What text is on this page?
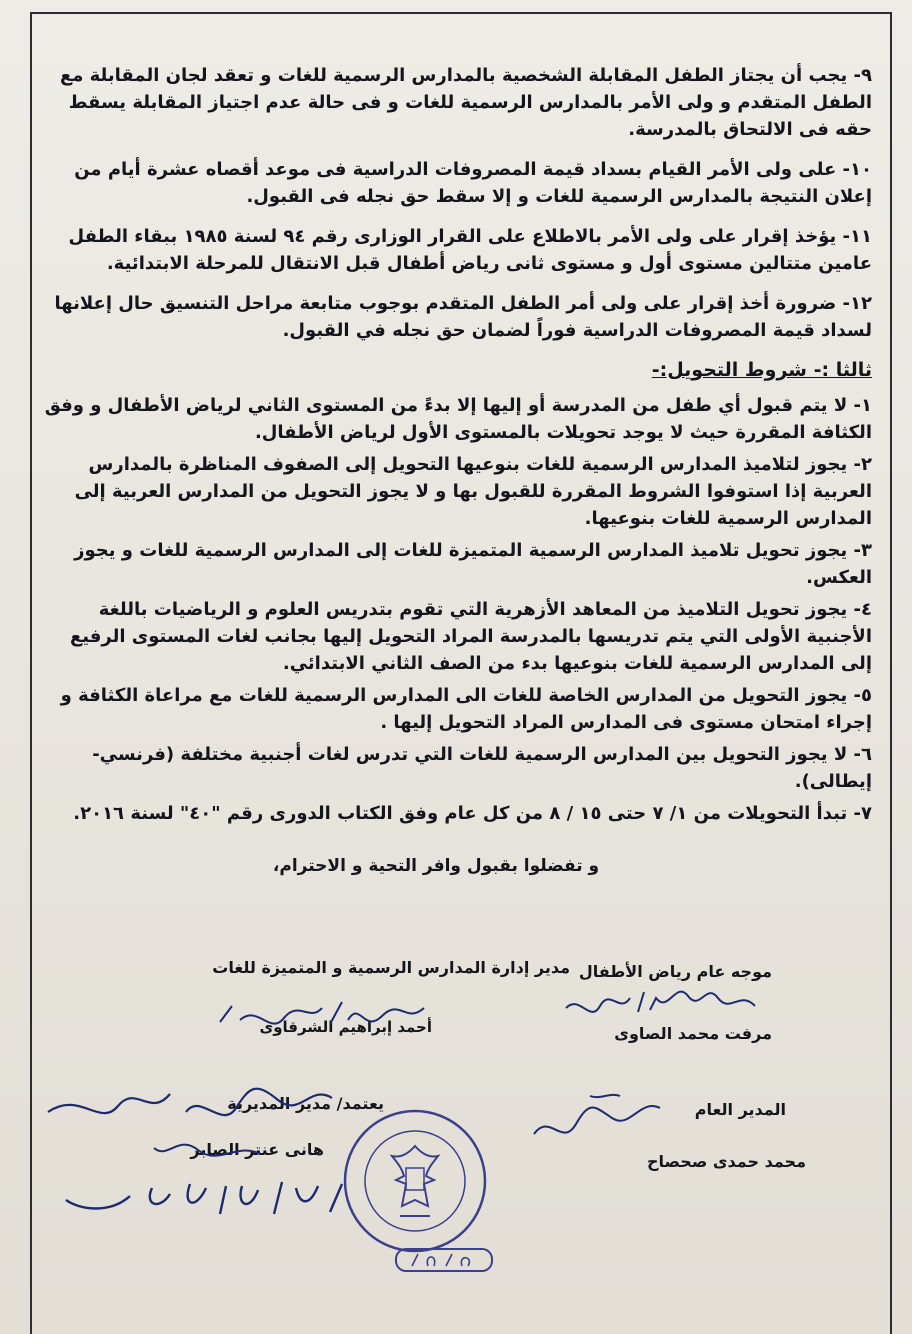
٩- يجب أن يجتاز الطفل المقابلة الشخصية بالمدارس الرسمية للغات و تعقد لجان المقابلة مع الطفل المتقدم و ولى الأمر بالمدارس الرسمية للغات و فى حالة عدم اجتياز المقابلة يسقط حقه فى الالتحاق بالمدرسة.
١٠- على ولى الأمر القيام بسداد قيمة المصروفات الدراسية فى موعد أقصاه عشرة أيام من إعلان النتيجة بالمدارس الرسمية للغات و إلا سقط حق نجله فى القبول.
١١- يؤخذ إقرار على ولى الأمر بالاطلاع على القرار الوزارى رقم ٩٤ لسنة ١٩٨٥ ببقاء الطفل عامين متتالين مستوى أول و مستوى ثانى رياض أطفال قبل الانتقال للمرحلة الابتدائية.
١٢- ضرورة أخذ إقرار على ولى أمر الطفل المتقدم بوجوب متابعة مراحل التنسيق حال إعلانها لسداد قيمة المصروفات الدراسية فوراً لضمان حق نجله في القبول.
ثالثا :- شروط التحويل:-
١- لا يتم قبول أي طفل من المدرسة أو إليها إلا بدءً من المستوى الثاني لرياض الأطفال و وفق الكثافة المقررة حيث لا يوجد تحويلات بالمستوى الأول لرياض الأطفال.
٢- يجوز لتلاميذ المدارس الرسمية للغات بنوعيها التحويل إلى الصفوف المناظرة بالمدارس العربية إذا استوفوا الشروط المقررة للقبول بها و لا يجوز التحويل من المدارس العربية إلى المدارس الرسمية للغات بنوعيها.
٣- يجوز تحويل تلاميذ المدارس الرسمية المتميزة للغات إلى المدارس الرسمية للغات و يجوز العكس.
٤- يجوز تحويل التلاميذ من المعاهد الأزهرية التي تقوم بتدريس العلوم و الرياضيات باللغة الأجنبية الأولى التي يتم تدريسها بالمدرسة المراد التحويل إليها بجانب لغات المستوى الرفيع إلى المدارس الرسمية للغات بنوعيها بدء من الصف الثاني الابتدائي.
٥- يجوز التحويل من المدارس الخاصة للغات الى المدارس الرسمية للغات مع مراعاة الكثافة و إجراء امتحان مستوى فى المدارس المراد التحويل إليها .
٦- لا يجوز التحويل بين المدارس الرسمية للغات التي تدرس لغات أجنبية مختلفة (فرنسي- إيطالى).
٧- تبدأ التحويلات من ١/ ٧ حتى ١٥ / ٨ من كل عام وفق الكتاب الدورى رقم "٤٠" لسنة ٢٠١٦.
و تفضلوا بقبول وافر التحية و الاحترام،
موجه عام رياض الأطفال
مرفت محمد الصاوى
مدير إدارة المدارس الرسمية و المتميزة للغات
أحمد إبراهيم الشرقاوى
المدير العام
محمد حمدى صحصاح
يعتمد/ مدير المديرية
هانى عنتر الصابر
